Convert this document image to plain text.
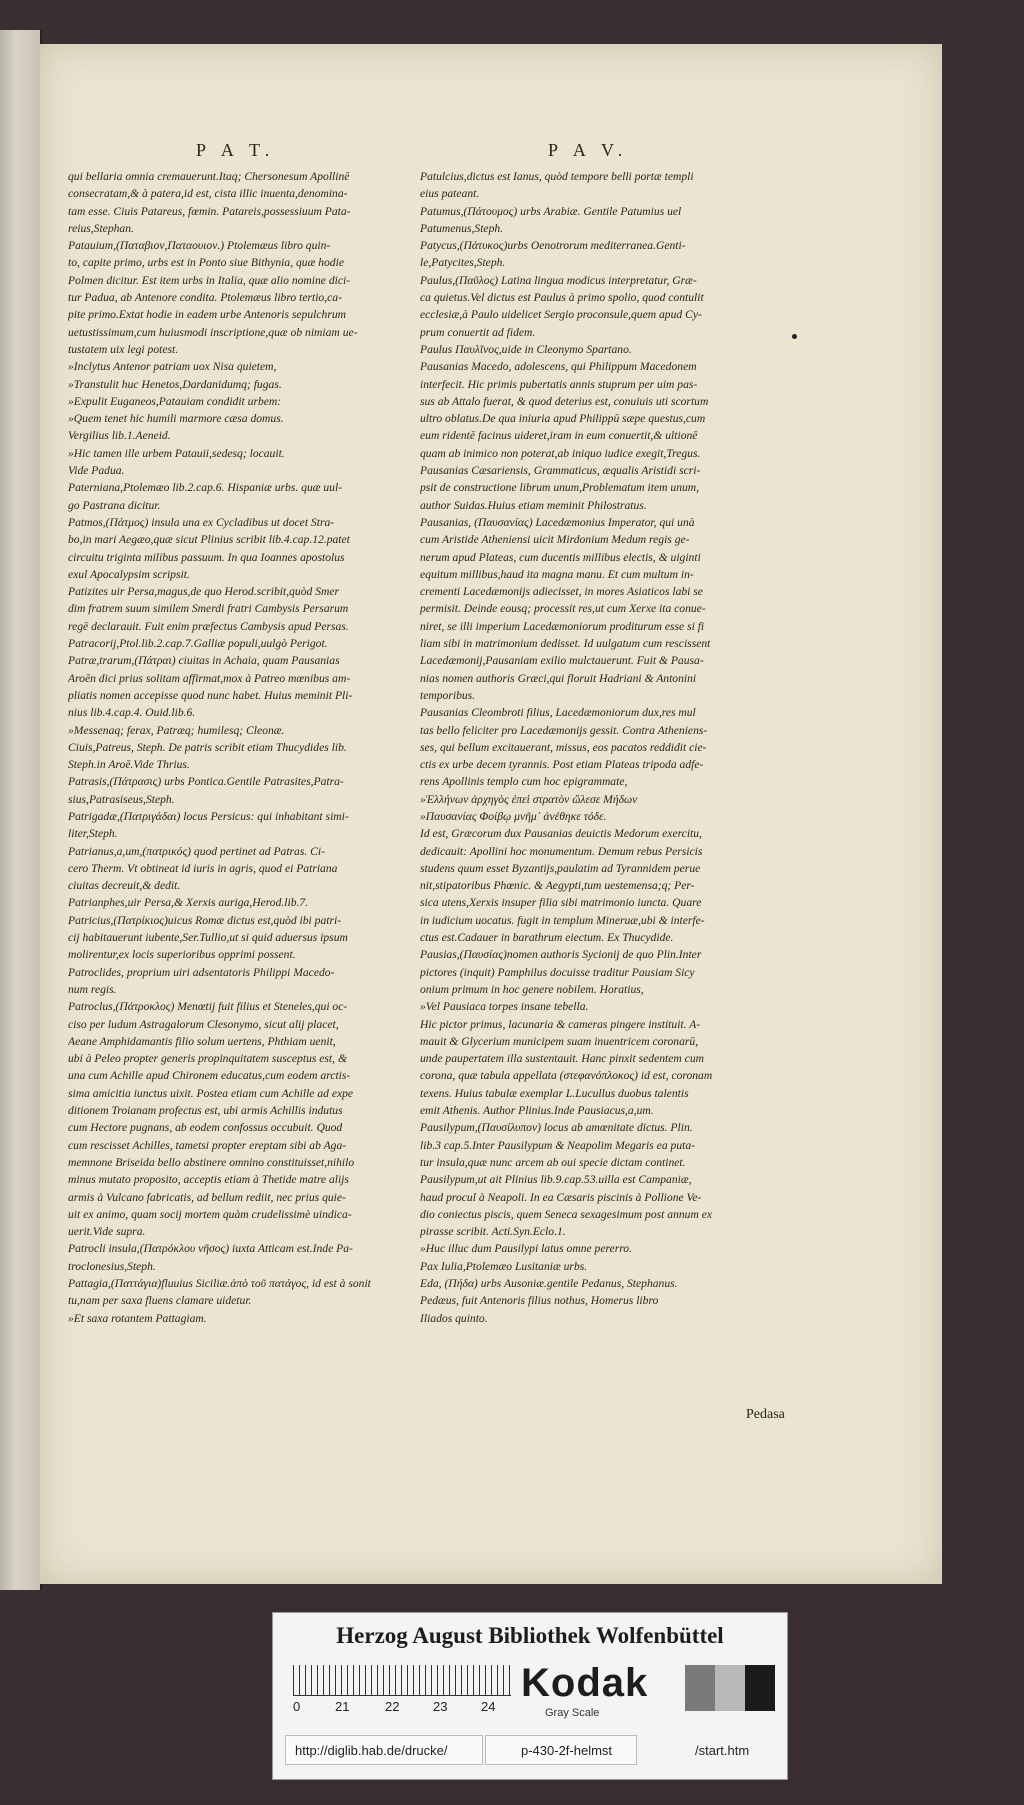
P A T.	P A V.
qui bellaria omnia cremauerunt.Itaq; Chersonesum Apollinē
consecratam,& à patera,id est, cista illic inuenta,denomina-
tam esse. Ciuis Patareus, fœmin. Patareis,possessiuum Pata-
reius,Stephan.
Patauium,(Παταβιον,Παταουιον.) Ptolemæus libro quin-
to, capite primo, urbs est in Ponto siue Bithynia, quæ hodie
Polmen dicitur. Est item urbs in Italia, quæ alio nomine dici-
tur Padua, ab Antenore condita. Ptolemæus libro tertio,ca-
pite primo.Extat hodie in eadem urbe Antenoris sepulchrum
uetustissimum,cum huiusmodi inscriptione,quæ ob nimiam ue-
tustatem uix legi potest.
»Inclytus Antenor patriam uox Nisa quietem,
»Transtulit huc Henetos,Dardanidumq; fugas.
»Expulit Euganeos,Patauiam condidit urbem:
»Quem tenet hic humili marmore cæsa domus.
Vergilius lib.1.Aeneid.
»Hic tamen ille urbem Patauii,sedesq; locauit.
Vide Padua.
Paterniana,Ptolemæo lib.2.cap.6. Hispaniæ urbs. quæ uul-
go Pastrana dicitur.
Patmos,(Πάτμος) insula una ex Cycladibus ut docet Stra-
bo,in mari Aegæo,quæ sicut Plinius scribit lib.4.cap.12.patet
circuitu triginta milibus passuum. In qua Ioannes apostolus
exul Apocalypsim scripsit.
Patizites uir Persa,magus,de quo Herod.scribit,quòd Smer
dim fratrem suum similem Smerdi fratri Cambysis Persarum
regē declarauit. Fuit enim præfectus Cambysis apud Persas.
Patracorij,Ptol.lib.2.cap.7.Galliæ populi,uulgò Perigot.
Patræ,trarum,(Πάτραι) ciuitas in Achaia, quam Pausanias
Aroēn dici prius solitam affirmat,mox à Patreo mœnibus am-
pliatis nomen accepisse quod nunc habet. Huius meminit Pli-
nius lib.4.cap.4. Ouid.lib.6.
»Messenaq; ferax, Patræq; humilesq; Cleonæ.
Ciuis,Patreus, Steph. De patris scribit etiam Thucydides lib.
Steph.in Aroē.Vide Thrius.
Patrasis,(Πάτρασις) urbs Pontica.Gentile Patrasites,Patra-
sius,Patrasiseus,Steph.
Patrigadæ,(Πατριγάδαι) locus Persicus: qui inhabitant simi-
liter,Steph.
Patrianus,a,um,(πατρικός) quod pertinet ad Patras. Ci-
cero Therm. Vt obtineat id iuris in agris, quod ei Patriana
ciuitas decreuit,& dedit.
Patrianphes,uir Persa,& Xerxis auriga,Herod.lib.7.
Patricius,(Πατρίκιος)uicus Romæ dictus est,quòd ibi patri-
cij habitauerunt iubente,Ser.Tullio,ut si quid aduersus ipsum
molirentur,ex locis superioribus opprimi possent.
Patroclides, proprium uiri adsentatoris Philippi Macedo-
num regis.
Patroclus,(Πάτροκλος) Menœtij fuit filius et Steneles,qui oc-
ciso per ludum Astragalorum Clesonymo, sicut alij placet,
Aeane Amphidamantis filio solum uertens, Phthiam uenit,
ubi à Peleo propter generis propinquitatem susceptus est, &
una cum Achille apud Chironem educatus,cum eodem arctis-
sima amicitia iunctus uixit. Postea etiam cum Achille ad expe
ditionem Troianam profectus est, ubi armis Achillis indutus
cum Hectore pugnans, ab eodem confossus occubuit. Quod
cum rescisset Achilles, tametsi propter ereptam sibi ab Aga-
memnone Briseida bello abstinere omnino constituisset,nihilo
minus mutato proposito, acceptis etiam à Thetide matre alijs
armis à Vulcano fabricatis, ad bellum rediit, nec prius quie-
uit ex animo, quam socij mortem quàm crudelissimè uindica-
uerit.Vide supra.
Patrocli insula,(Πατρόκλου νῆσος) iuxta Atticam est.Inde Pa-
troclonesius,Steph.
Pattagia,(Παττάγια)fluuius Siciliæ.ἀπὸ τοῦ πατάγος, id est à sonit
tu,nam per saxa fluens clamare uidetur.
»Et saxa rotantem Pattagiam.
Patulcius,dictus est Ianus, quòd tempore belli portæ templi
eius pateant.
Patumus,(Πάτουμος) urbs Arabiæ. Gentile Patumius uel
Patumenus,Steph.
Patycus,(Πάτυκος)urbs Oenotrorum mediterranea.Genti-
le,Patycites,Steph.
Paulus,(Παῦλος) Latina lingua modicus interpretatur, Græ-
ca quietus.Vel dictus est Paulus à primo spolio, quod contulit
ecclesiæ,à Paulo uidelicet Sergio proconsule,quem apud Cy-
prum conuertit ad fidem.
Paulus Παυλῖνος,uide in Cleonymo Spartano.
Pausanias Macedo, adolescens, qui Philippum Macedonem
interfecit. Hic primis pubertatis annis stuprum per uim pas-
sus ab Attalo fuerat, & quod deterius est, conuiuis uti scortum
ultro oblatus.De qua iniuria apud Philippū sæpe questus,cum
eum ridentē facinus uideret,iram in eum conuertit,& ultionē
quam ab inimico non poterat,ab iniquo iudice exegit,Tregus.
Pausanias Cæsariensis, Grammaticus, æqualis Aristidi scri-
psit de constructione librum unum,Problematum item unum,
author Suidas.Huius etiam meminit Philostratus.
Pausanias, (Παυσανίας) Lacedæmonius Imperator, qui unà
cum Aristide Atheniensi uicit Mirdonium Medum regis ge-
nerum apud Plateas, cum ducentis millibus electis, & uiginti
equitum millibus,haud ita magna manu. Et cum multum in-
crementi Lacedæmonijs adiecisset, in mores Asiaticos labi se
permisit. Deinde eousq; processit res,ut cum Xerxe ita conue-
niret, se illi imperium Lacedæmoniorum proditurum esse si fi
liam sibi in matrimonium dedisset. Id uulgatum cum rescissent
Lacedæmonij,Pausaniam exilio mulctauerunt. Fuit & Pausa-
nias nomen authoris Græci,qui floruit Hadriani & Antonini
temporibus.
Pausanias Cleombroti filius, Lacedæmoniorum dux,res mul
tas bello feliciter pro Lacedæmonijs gessit. Contra Atheniens-
ses, qui bellum excitauerant, missus, eos pacatos reddidit cie-
ctis ex urbe decem tyrannis. Post etiam Plateas tripoda adfe-
rens Apollinis templo cum hoc epigrammate,
»Ἑλλήνων ἀρχηγὸς ἐπεὶ στρατὸν ὤλεσε Μήδων
»Παυσανίας Φοίβῳ μνῆμ᾽ ἀνέθηκε τόδε.
Id est, Græcorum dux Pausanias deuictis Medorum exercitu,
dedicauit: Apollini hoc monumentum. Demum rebus Persicis
studens quum esset Byzantijs,paulatim ad Tyrannidem perue
nit,stipatoribus Phœnic. & Aegypti,tum uestemensa;q; Per-
sica utens,Xerxis insuper filia sibi matrimonio iuncta. Quare
in iudicium uocatus. fugit in templum Mineruæ,ubi & interfe-
ctus est.Cadauer in barathrum eiectum. Ex Thucydide.
Pausias,(Παυσίας)nomen authoris Sycionij de quo Plin.Inter
pictores (inquit) Pamphilus docuisse traditur Pausiam Sicy
onium primum in hoc genere nobilem. Horatius,
»Vel Pausiaca torpes insane tebella.
Hic pictor primus, lacunaria & cameras pingere instituit. A-
mauit & Glycerium municipem suam inuentricem coronarū,
unde paupertatem illa sustentauit. Hanc pinxit sedentem cum
corona, quæ tabula appellata (στεφανόπλοκος) id est, coronam
texens. Huius tabulæ exemplar L.Lucullus duobus talentis
emit Athenis. Author Plinius.Inde Pausiacus,a,um.
Pausilypum,(Παυσίλυπον) locus ab amœnitate dictus. Plin.
lib.3 cap.5.Inter Pausilypum & Neapolim Megaris ea puta-
tur insula,quæ nunc arcem ab oui specie dictam continet.
Pausilypum,ut ait Plinius lib.9.cap.53.uilla est Campaniæ,
haud procul à Neapoli. In ea Cæsaris piscinis à Pollione Ve-
dio coniectus piscis, quem Seneca sexagesimum post annum ex
pirasse scribit. Acti.Syn.Eclo.1.
»Huc illuc dum Pausilypi latus omne pererro.
Pax Iulia,Ptolemæo Lusitaniæ urbs.
Eda, (Πήδα) urbs Ausoniæ.gentile Pedanus, Stephanus.
Pedæus, fuit Antenoris filius nothus, Homerus libro
Iliados quinto.
Pedasa
Herzog August Bibliothek Wolfenbüttel
0	21	22	23	24
Kodak
Gray Scale
http://diglib.hab.de/drucke/	p-430-2f-helmst	/start.htm
